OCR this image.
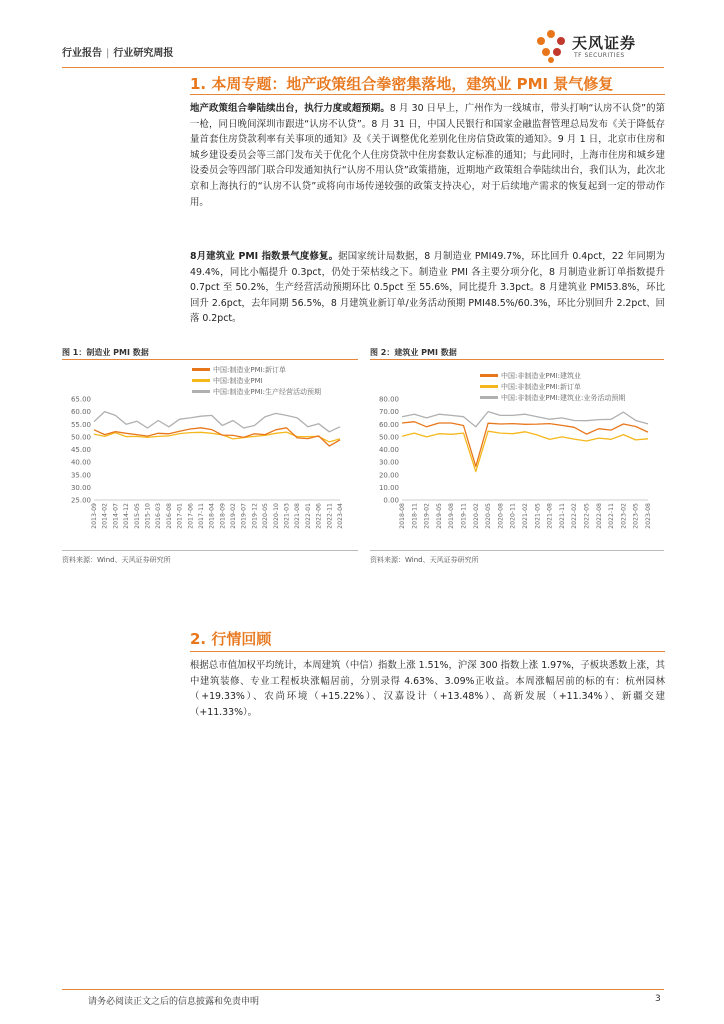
行业报告 | 行业研究周报
天风证券
TF SECURITIES
1. 本周专题：地产政策组合拳密集落地，建筑业 PMI 景气修复
地产政策组合拳陆续出台，执行力度或超预期。8 月 30 日早上，广州作为一线城市，带头打响“认房不认贷”的第一枪，同日晚间深圳市跟进“认房不认贷”。8 月 31 日，中国人民银行和国家金融监督管理总局发布《关于降低存量首套住房贷款利率有关事项的通知》及《关于调整优化差别化住房信贷政策的通知》。9 月 1 日，北京市住房和城乡建设委员会等三部门发布关于优化个人住房贷款中住房套数认定标准的通知；与此同时，上海市住房和城乡建设委员会等四部门联合印发通知执行“认房不用认贷”政策措施，近期地产政策组合拳陆续出台，我们认为，此次北京和上海执行的“认房不认贷”或将向市场传递较强的政策支持决心，对于后续地产需求的恢复起到一定的带动作用。
8月建筑业 PMI 指数景气度修复。据国家统计局数据，8 月制造业 PMI49.7%，环比回升 0.4pct，22 年同期为 49.4%，同比小幅提升 0.3pct，仍处于荣枯线之下。制造业 PMI 各主要分项分化，8 月制造业新订单指数提升 0.7pct 至 50.2%，生产经营活动预期环比 0.5pct 至 55.6%，同比提升 3.3pct。8 月建筑业 PMI53.8%，环比回升 2.6pct，去年同期 56.5%，8 月建筑业新订单/业务活动预期 PMI48.5%/60.3%，环比分别回升 2.2pct、回落 0.2pct。
图 1：制造业 PMI 数据
中国:制造业PMI:新订单
中国:制造业PMI
中国:制造业PMI:生产经营活动预期
65.00
60.00
55.00
50.00
45.00
40.00
35.00
30.00
25.00
2013-09 2014-02 2014-07 2014-12 2015-05 2015-10 2016-03 2016-08 2017-01 2017-06 2017-11 2018-04 2018-09 2019-02 2019-07 2019-12 2020-05 2020-10 2021-03 2021-08 2022-01 2022-06 2022-11 2023-04
资料来源：Wind、天风证券研究所
图 2：建筑业 PMI 数据
中国:非制造业PMI:建筑业
中国:非制造业PMI:新订单
中国:非制造业PMI:建筑业:业务活动预期
80.00
70.00
60.00
50.00
40.00
30.00
20.00
10.00
0.00
2018-08 2018-11 2019-02 2019-05 2019-08 2019-11 2020-02 2020-05 2020-08 2020-11 2021-02 2021-05 2021-08 2021-11 2022-02 2022-05 2022-08 2022-11 2023-02 2023-05 2023-08
资料来源：Wind、天风证券研究所
2. 行情回顾
根据总市值加权平均统计，本周建筑（中信）指数上涨 1.51%，沪深 300 指数上涨 1.97%，子板块悉数上涨，其中建筑装修、专业工程板块涨幅居前，分别录得 4.63%、3.09%正收益。本周涨幅居前的标的有：杭州园林（+19.33%）、农尚环境（+15.22%）、汉嘉设计（+13.48%）、高新发展（+11.34%）、新疆交建（+11.33%）。
请务必阅读正文之后的信息披露和免责申明	3
